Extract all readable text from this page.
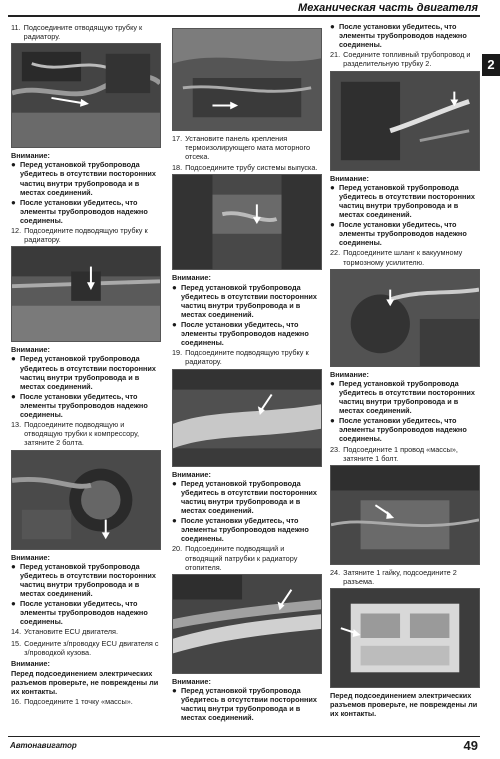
Механическая часть двигателя
2
11. Подсоедините отводящую трубку к радиатору.
Внимание:
● Перед установкой трубопровода убедитесь в отсутствии посторонних частиц внутри трубопровода и в местах соединений.
● После установки убедитесь, что элементы трубопроводов надежно соединены.
12. Подсоедините подводящую трубку к радиатору.
Внимание:
● Перед установкой трубопровода убедитесь в отсутствии посторонних частиц внутри трубопровода и в местах соединений.
● После установки убедитесь, что элементы трубопроводов надежно соединены.
13. Подсоедините подводящую и отводящую трубки к компрессору, затяните 2 болта.
Внимание:
● Перед установкой трубопровода убедитесь в отсутствии посторонних частиц внутри трубопровода и в местах соединений.
● После установки убедитесь, что элементы трубопроводов надежно соединены.
14. Установите ECU двигателя.
15. Соедините з/проводку ECU двигателя с з/проводкой кузова.
Внимание:
Перед подсоединением электрических разъемов проверьте, не повреждены ли их контакты.
16. Подсоедините 1 точку «массы».
17. Установите панель крепления термоизолирующего мата моторного отсека.
18. Подсоедините трубу системы выпуска.
Внимание:
● Перед установкой трубопровода убедитесь в отсутствии посторонних частиц внутри трубопровода и в местах соединений.
● После установки убедитесь, что элементы трубопроводов надежно соединены.
19. Подсоедините подводящую трубку к радиатору.
Внимание:
● Перед установкой трубопровода убедитесь в отсутствии посторонних частиц внутри трубопровода и в местах соединений.
● После установки убедитесь, что элементы трубопроводов надежно соединены.
20. Подсоедините подводящий и отводящий патрубки к радиатору отопителя.
Внимание:
● Перед установкой трубопровода убедитесь в отсутствии посторонних частиц внутри трубопровода и в местах соединений.
● После установки убедитесь, что элементы трубопроводов надежно соединены.
21. Соедините топливный трубопровод и разделительную трубку 2.
Внимание:
● Перед установкой трубопровода убедитесь в отсутствии посторонних частиц внутри трубопровода и в местах соединений.
● После установки убедитесь, что элементы трубопроводов надежно соединены.
22. Подсоедините шланг к вакуумному тормозному усилителю.
Внимание:
● Перед установкой трубопровода убедитесь в отсутствии посторонних частиц внутри трубопровода и в местах соединений.
● После установки убедитесь, что элементы трубопроводов надежно соединены.
23. Подсоедините 1 провод «массы», затяните 1 болт.
24. Затяните 1 гайку, подсоедините 2 разъема.
Перед подсоединением электрических разъемов проверьте, не повреждены ли их контакты.
Автонавигатор	49
